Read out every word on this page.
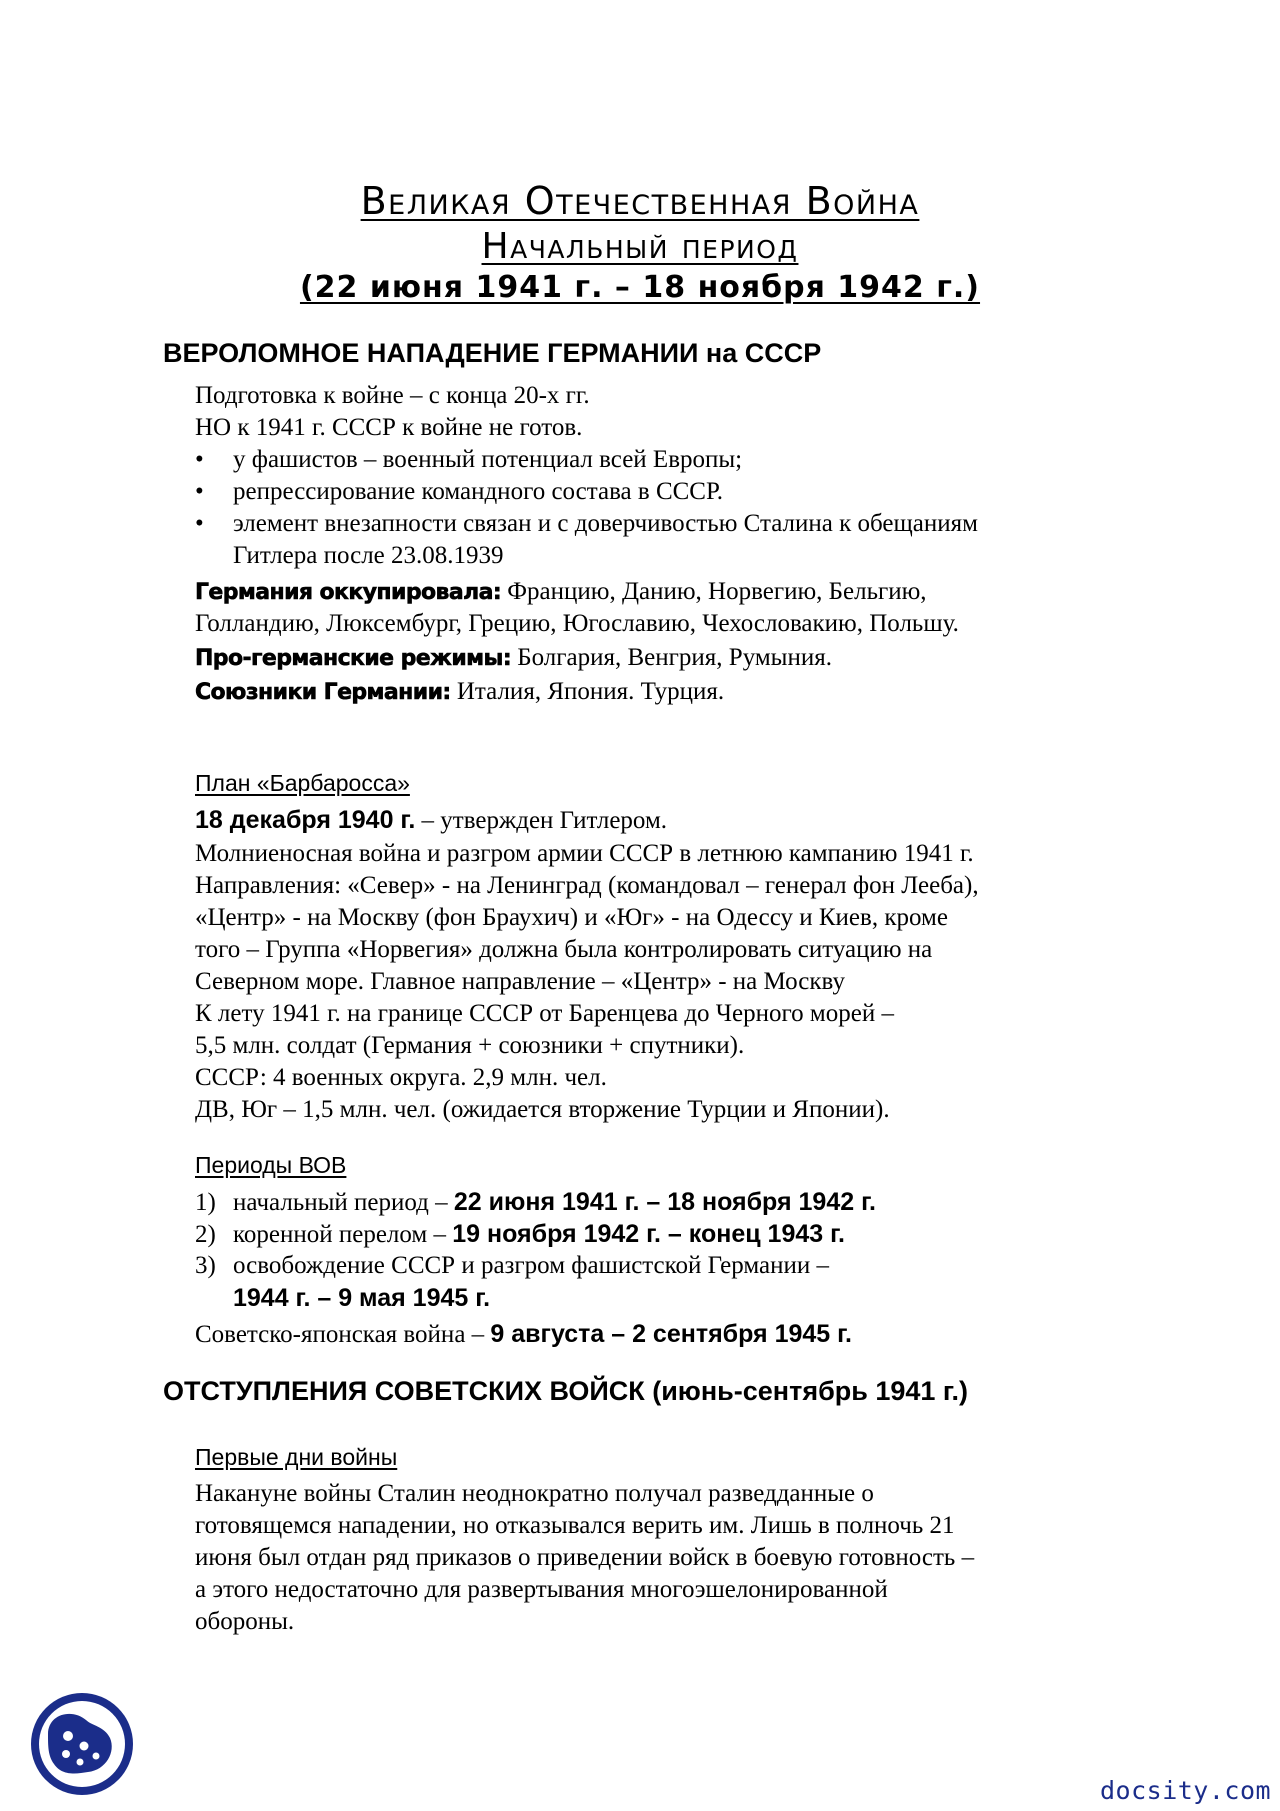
Великая Отечественная Война
Начальный период
(22 июня 1941 г. – 18 ноября 1942 г.)
ВЕРОЛОМНОЕ НАПАДЕНИЕ ГЕРМАНИИ на СССР
Подготовка к войне – с конца 20-х гг.
НО к 1941 г. СССР к войне не готов.
• у фашистов – военный потенциал всей Европы;
• репрессирование командного состава в СССР.
• элемент внезапности связан и с доверчивостью Сталина к обещаниям
Гитлера после 23.08.1939
Германия оккупировала: Францию, Данию, Норвегию, Бельгию,
Голландию, Люксембург, Грецию, Югославию, Чехословакию, Польшу.
Про-германские режимы: Болгария, Венгрия, Румыния.
Союзники Германии: Италия, Япония. Турция.
План «Барбаросса»
18 декабря 1940 г. – утвержден Гитлером.
Молниеносная война и разгром армии СССР в летнюю кампанию 1941 г.
Направления: «Север» - на Ленинград (командовал – генерал фон Лееба),
«Центр» - на Москву (фон Браухич) и «Юг» - на Одессу и Киев, кроме
того – Группа «Норвегия» должна была контролировать ситуацию на
Северном море. Главное направление – «Центр» - на Москву
К лету 1941 г. на границе СССР от Баренцева до Черного морей –
5,5 млн. солдат (Германия + союзники + спутники).
СССР: 4 военных округа. 2,9 млн. чел.
ДВ, Юг – 1,5 млн. чел. (ожидается вторжение Турции и Японии).
Периоды ВОВ
1) начальный период – 22 июня 1941 г. – 18 ноября 1942 г.
2) коренной перелом – 19 ноября 1942 г. – конец 1943 г.
3) освобождение СССР и разгром фашистской Германии –
1944 г. – 9 мая 1945 г.
Советско-японская война – 9 августа – 2 сентября 1945 г.
ОТСТУПЛЕНИЯ СОВЕТСКИХ ВОЙСК (июнь-сентябрь 1941 г.)
Первые дни войны
Накануне войны Сталин неоднократно получал разведданные о
готовящемся нападении, но отказывался верить им. Лишь в полночь 21
июня был отдан ряд приказов о приведении войск в боевую готовность –
а этого недостаточно для развертывания многоэшелонированной
обороны.
docsity.com
